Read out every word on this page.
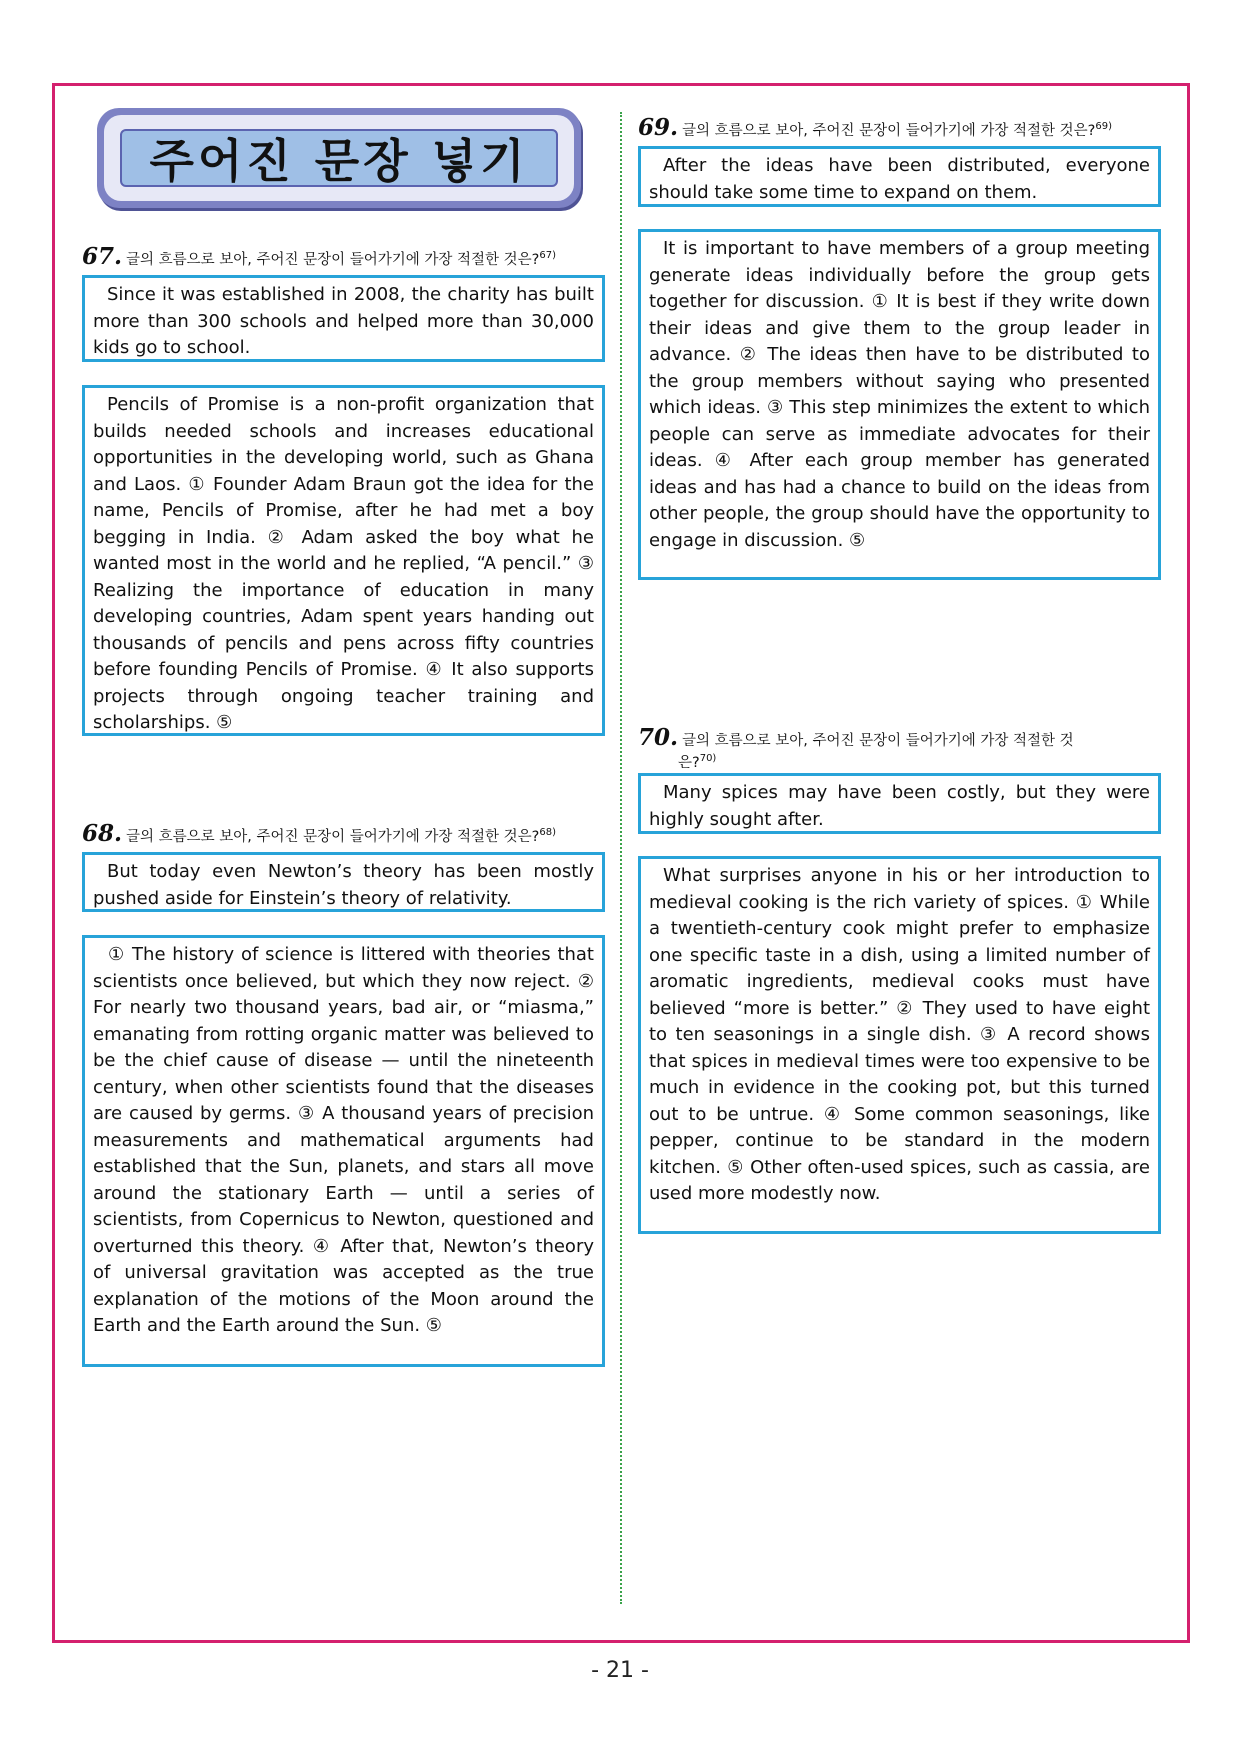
주어진 문장 넣기
67. 글의 흐름으로 보아, 주어진 문장이 들어가기에 가장 적절한 것은?$^{67)}$
Since it was established in 2008, the charity has built more than 300 schools and helped more than 30,000 kids go to school.
Pencils of Promise is a non-profit organization that builds needed schools and increases educational opportunities in the developing world, such as Ghana and Laos. ① Founder Adam Braun got the idea for the name, Pencils of Promise, after he had met a boy begging in India. ② Adam asked the boy what he wanted most in the world and he replied, “A pencil.” ③ Realizing the importance of education in many developing countries, Adam spent years handing out thousands of pencils and pens across fifty countries before founding Pencils of Promise. ④ It also supports projects through ongoing teacher training and scholarships. ⑤
68. 글의 흐름으로 보아, 주어진 문장이 들어가기에 가장 적절한 것은?$^{68)}$
But today even Newton’s theory has been mostly pushed aside for Einstein’s theory of relativity.
① The history of science is littered with theories that scientists once believed, but which they now reject. ② For nearly two thousand years, bad air, or “miasma,” emanating from rotting organic matter was believed to be the chief cause of disease — until the nineteenth century, when other scientists found that the diseases are caused by germs. ③ A thousand years of precision measurements and mathematical arguments had established that the Sun, planets, and stars all move around the stationary Earth — until a series of scientists, from Copernicus to Newton, questioned and overturned this theory. ④ After that, Newton’s theory of universal gravitation was accepted as the true explanation of the motions of the Moon around the Earth and the Earth around the Sun. ⑤
69. 글의 흐름으로 보아, 주어진 문장이 들어가기에 가장 적절한 것은?$^{69)}$
After the ideas have been distributed, everyone should take some time to expand on them.
It is important to have members of a group meeting generate ideas individually before the group gets together for discussion. ① It is best if they write down their ideas and give them to the group leader in advance. ② The ideas then have to be distributed to the group members without saying who presented which ideas. ③ This step minimizes the extent to which people can serve as immediate advocates for their ideas. ④ After each group member has generated ideas and has had a chance to build on the ideas from other people, the group should have the opportunity to engage in discussion. ⑤
70. 글의 흐름으로 보아, 주어진 문장이 들어가기에 가장 적절한 것
은?$^{70)}$
Many spices may have been costly, but they were highly sought after.
What surprises anyone in his or her introduction to medieval cooking is the rich variety of spices. ① While a twentieth-century cook might prefer to emphasize one specific taste in a dish, using a limited number of aromatic ingredients, medieval cooks must have believed “more is better.” ② They used to have eight to ten seasonings in a single dish. ③ A record shows that spices in medieval times were too expensive to be much in evidence in the cooking pot, but this turned out to be untrue. ④ Some common seasonings, like pepper, continue to be standard in the modern kitchen. ⑤ Other often-used spices, such as cassia, are used more modestly now.
- 21 -
